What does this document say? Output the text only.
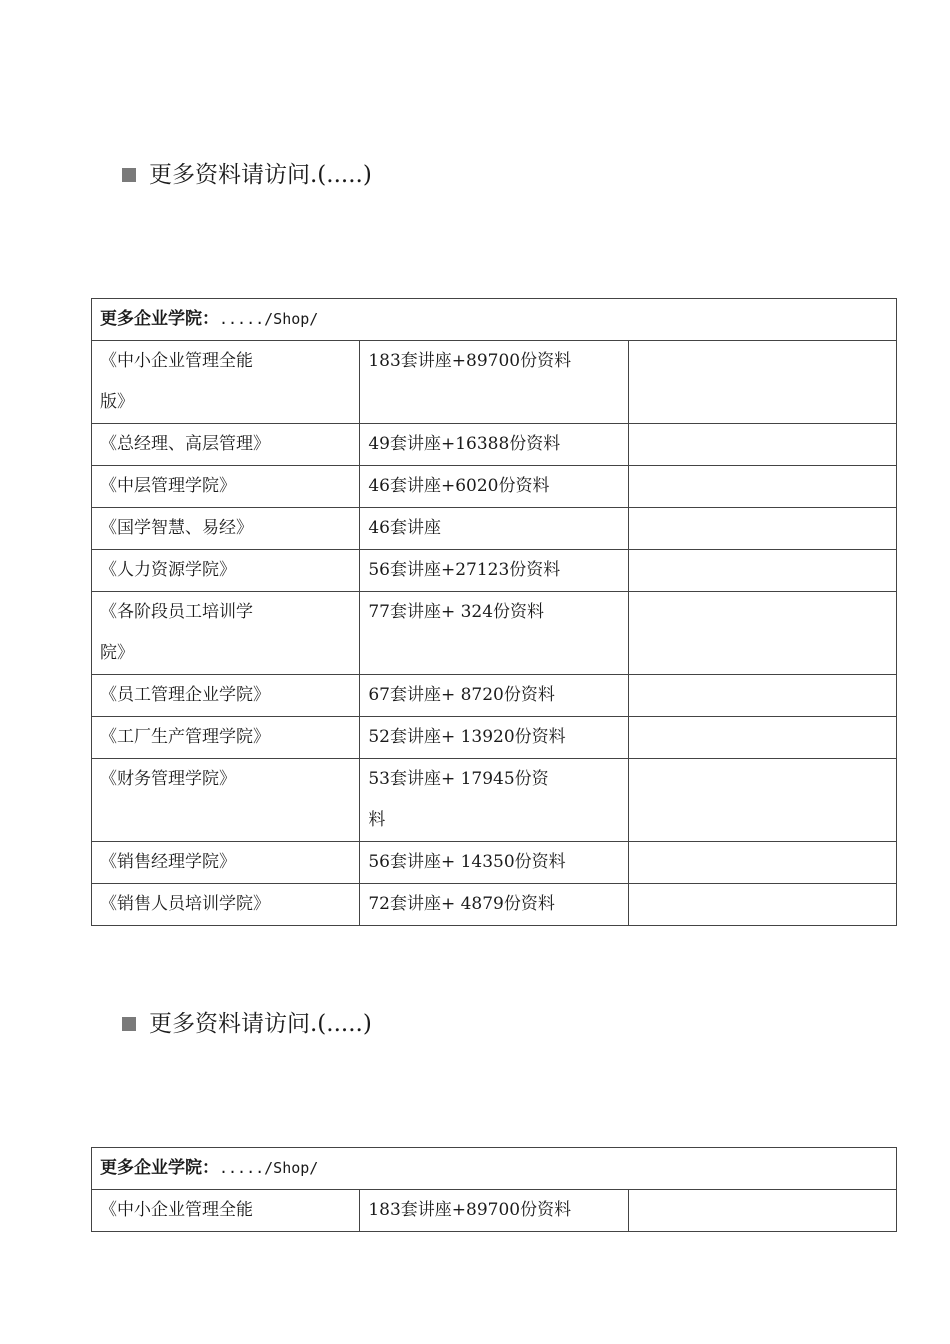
更多资料请访问.(.....)
更多企业学院：...../Shop/		

《中小企业管理全能
版》	183套讲座+89700份资料	

《总经理、高层管理》	49套讲座+16388份资料	

《中层管理学院》	46套讲座+6020份资料	

《国学智慧、易经》	46套讲座	

《人力资源学院》	56套讲座+27123份资料	

《各阶段员工培训学
院》	77套讲座+ 324份资料	

《员工管理企业学院》	67套讲座+ 8720份资料	

《工厂生产管理学院》	52套讲座+ 13920份资料	

《财务管理学院》	53套讲座+ 17945份资
料	

《销售经理学院》	56套讲座+ 14350份资料	

《销售人员培训学院》	72套讲座+ 4879份资料	

更多资料请访问.(.....)
更多企业学院：...../Shop/

《中小企业管理全能	183套讲座+89700份资料
